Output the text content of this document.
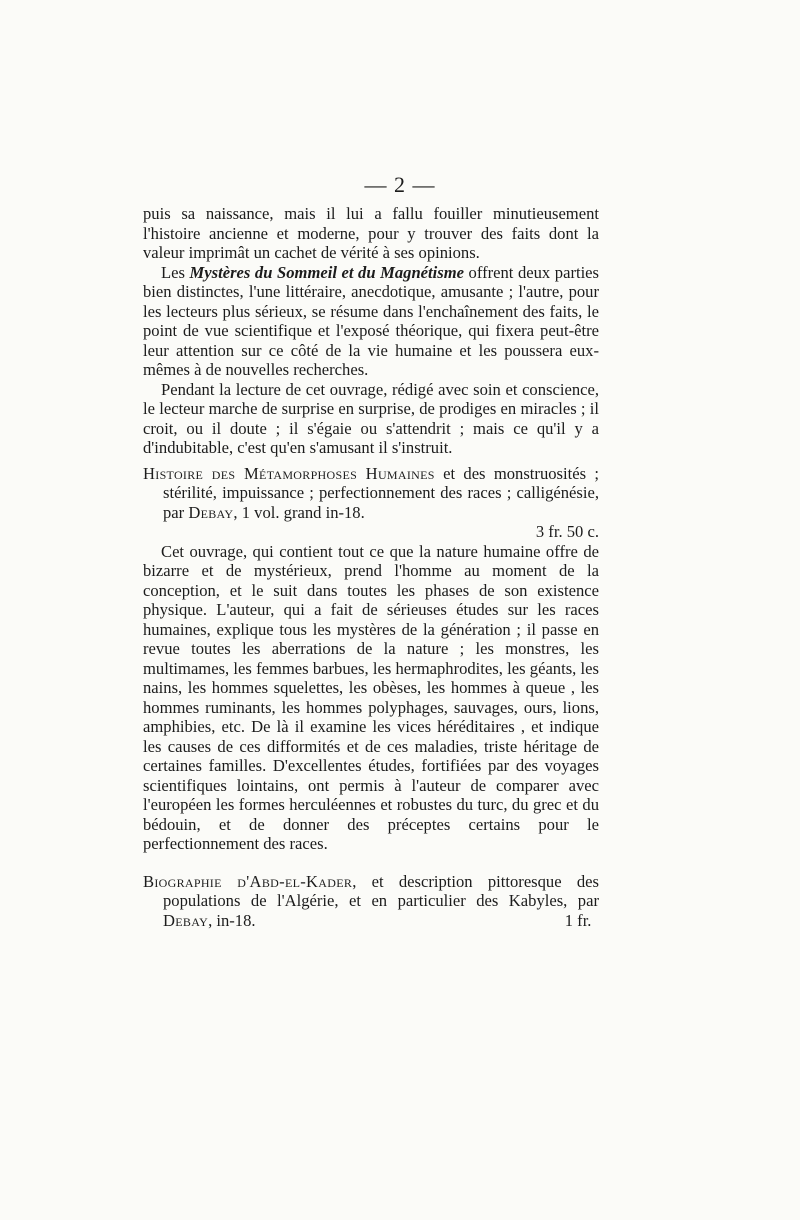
— 2 —

puis sa naissance, mais il lui a fallu fouiller minutieusement l'histoire ancienne et moderne, pour y trouver des faits dont la valeur imprimât un cachet de vérité à ses opinions.

Les Mystères du Sommeil et du Magnétisme offrent deux parties bien distinctes, l'une littéraire, anecdotique, amusante ; l'autre, pour les lecteurs plus sérieux, se résume dans l'enchaînement des faits, le point de vue scientifique et l'exposé théorique, qui fixera peut-être leur attention sur ce côté de la vie humaine et les poussera eux-mêmes à de nouvelles recherches.

Pendant la lecture de cet ouvrage, rédigé avec soin et conscience, le lecteur marche de surprise en surprise, de prodiges en miracles ; il croit, ou il doute ; il s'égaie ou s'attendrit ; mais ce qu'il y a d'indubitable, c'est qu'en s'amusant il s'instruit.

Histoire des Métamorphoses Humaines et des monstruosités ; stérilité, impuissance ; perfectionnement des races ; calligénésie, par Debay, 1 vol. grand in-18.

3 fr. 50 c.

Cet ouvrage, qui contient tout ce que la nature humaine offre de bizarre et de mystérieux, prend l'homme au moment de la conception, et le suit dans toutes les phases de son existence physique. L'auteur, qui a fait de sérieuses études sur les races humaines, explique tous les mystères de la génération ; il passe en revue toutes les aberrations de la nature ; les monstres, les multimames, les femmes barbues, les hermaphrodites, les géants, les nains, les hommes squelettes, les obèses, les hommes à queue , les hommes ruminants, les hommes polyphages, sauvages, ours, lions, amphibies, etc. De là il examine les vices héréditaires , et indique les causes de ces difformités et de ces maladies, triste héritage de certaines familles. D'excellentes études, fortifiées par des voyages scientifiques lointains, ont permis à l'auteur de comparer avec l'européen les formes herculéennes et robustes du turc, du grec et du bédouin, et de donner des préceptes certains pour le perfectionnement des races.

Biographie d'Abd-el-Kader, et description pittoresque des populations de l'Algérie, et en particulier des Kabyles, par Debay, in-18.	1 fr.
